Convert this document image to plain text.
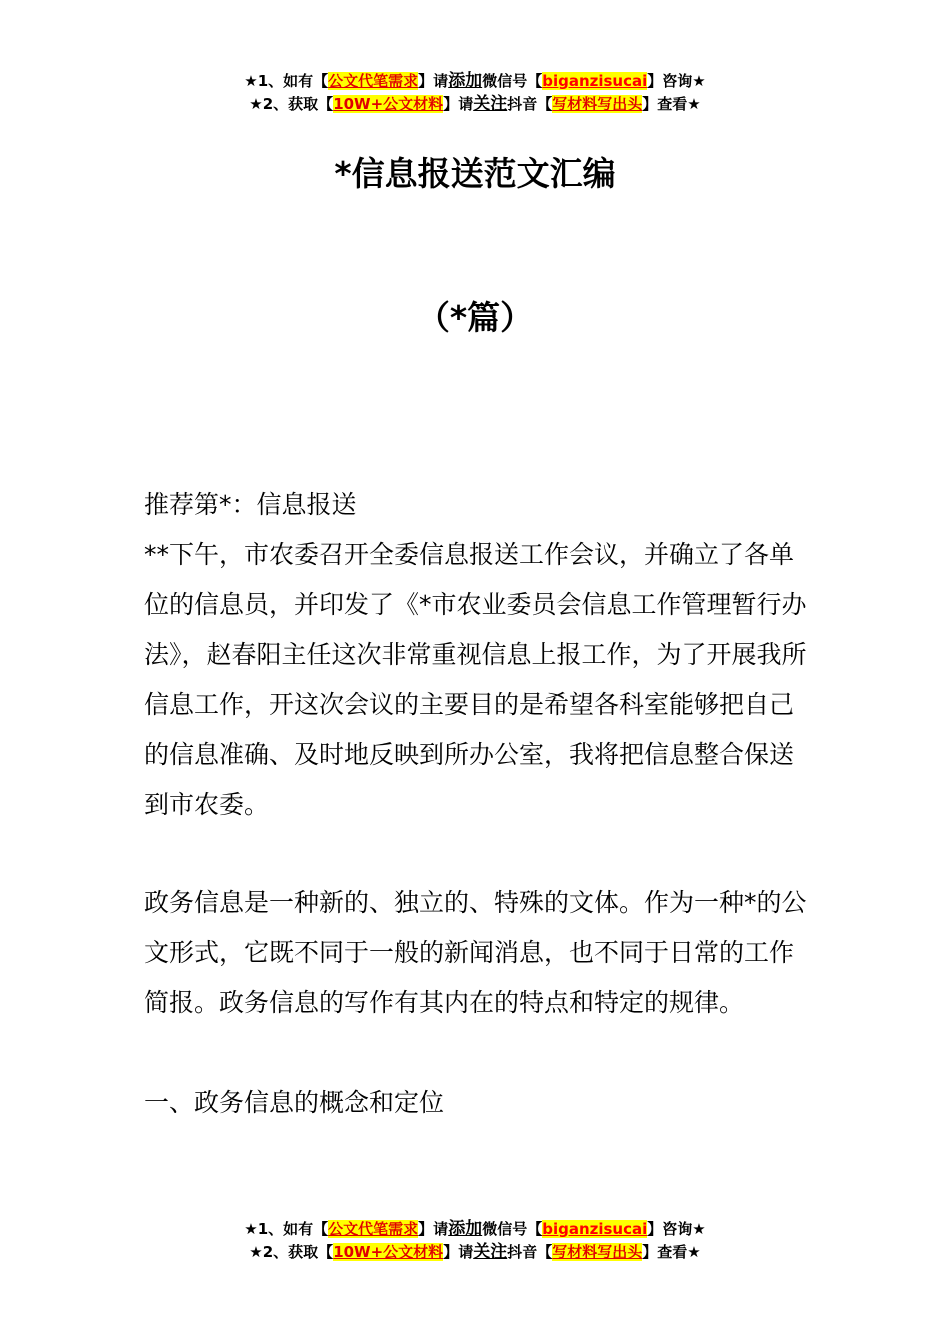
★1、如有【公文代笔需求】请添加微信号【biganzisucai】咨询★
★2、获取【10W+公文材料】请关注抖音【写材料写出头】查看★
*信息报送范文汇编
（*篇）

推荐第*：信息报送

**下午，市农委召开全委信息报送工作会议，并确立了各单位的信息员，并印发了《*市农业委员会信息工作管理暂行办法》，赵春阳主任这次非常重视信息上报工作，为了开展我所信息工作，开这次会议的主要目的是希望各科室能够把自己的信息准确、及时地反映到所办公室，我将把信息整合保送到市农委。

政务信息是一种新的、独立的、特殊的文体。作为一种*的公文形式，它既不同于一般的新闻消息，也不同于日常的工作简报。政务信息的写作有其内在的特点和特定的规律。

一、政务信息的概念和定位

★1、如有【公文代笔需求】请添加微信号【biganzisucai】咨询★
★2、获取【10W+公文材料】请关注抖音【写材料写出头】查看★
